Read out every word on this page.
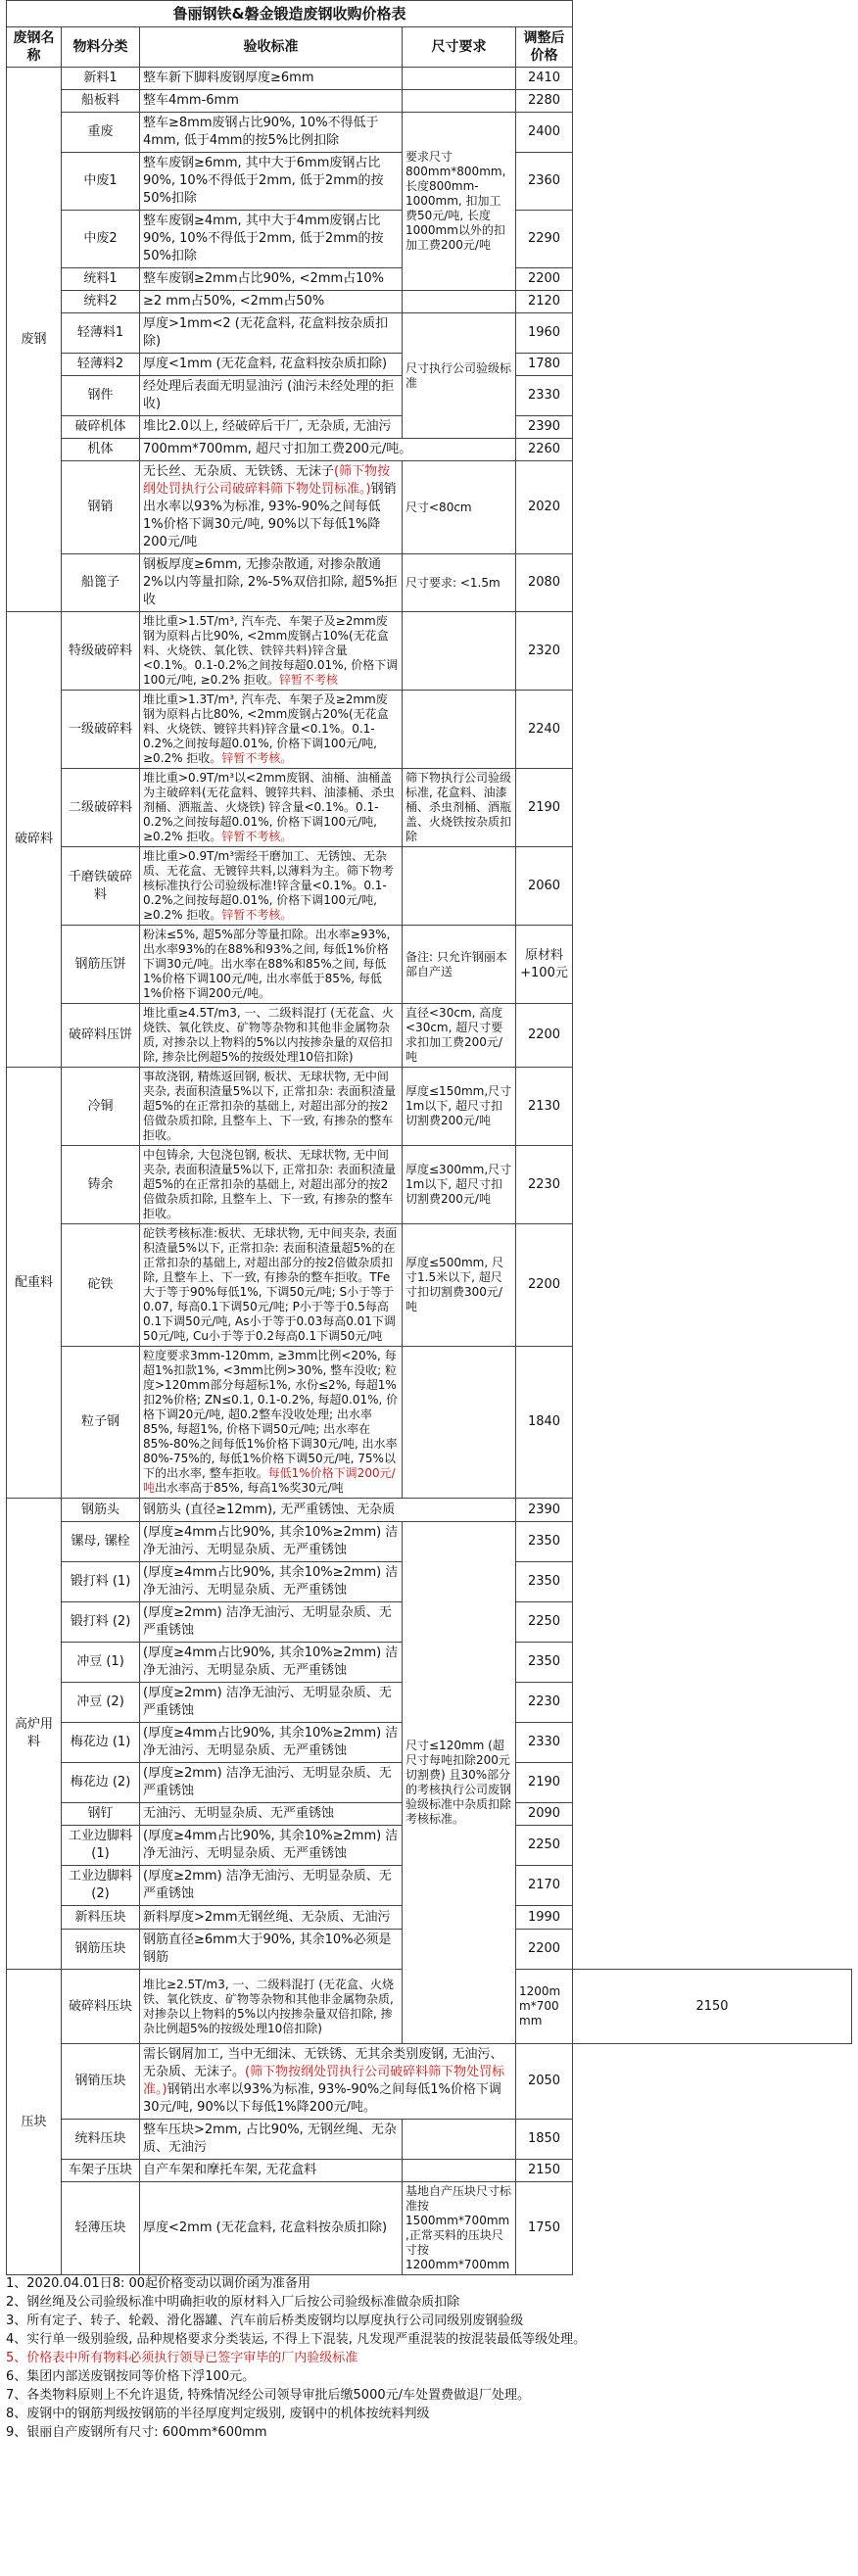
鲁丽钢铁&磐金锻造废钢收购价格表					
废钢名称	物料分类	验收标准	尺寸要求	调整后价格	
废钢	新料1	整车新下脚料废钢厚度≥6mm		2410	
	船板料	整车4mm-6mm		2280	
	重废	整车≥8mm废钢占比90%, 10%不得低于4mm, 低于4mm的按5%比例扣除	要求尺寸800mm*800mm, 长度800mm-1000mm, 扣加工费50元/吨, 长度1000mm以外的扣加工费200元/吨	2400	
	中废1	整车废钢≥6mm, 其中大于6mm废钢占比90%, 10%不得低于2mm, 低于2mm的按50%扣除		2360	
	中废2	整车废钢≥4mm, 其中大于4mm废钢占比90%, 10%不得低于2mm, 低于2mm的按50%扣除		2290	
	统料1	整车废钢≥2mm占比90%, <2mm占10%		2200	
	统料2	≥2 mm占50%, <2mm占50%		2120	
	轻薄料1	厚度>1mm<2 (无花盒料, 花盒料按杂质扣除)	尺寸执行公司验级标准	1960	
	轻薄料2	厚度<1mm (无花盒料, 花盒料按杂质扣除)		1780	
	钢件	经处理后表面无明显油污 (油污未经处理的拒收)		2330	
	破碎机体	堆比2.0以上, 经破碎后干厂, 无杂质, 无油污		2390	
	机体	700mm*700mm, 超尺寸扣加工费200元/吨。		2260	
	钢销	无长丝、无杂质、无铁锈、无沫子(筛下物按纲处罚执行公司破碎料筛下物处罚标准。)钢销出水率以93%为标准, 93%-90%之间每低1%价格下调30元/吨, 90%以下每低1%降200元/吨	尺寸<80cm	2020	
	船篦子	钢板厚度≥6mm, 无掺杂散通, 对掺杂散通2%以内等量扣除, 2%-5%双倍扣除, 超5%拒收	尺寸要求: <1.5m	2080	
破碎料	特级破碎料	堆比重>1.5T/m³, 汽车壳、车架子及≥2mm废钢为原料占比90%, <2mm废钢占10%(无花盒料、火烧铁、氧化铁、铁锌共料)锌含量<0.1%。0.1-0.2%之间按每超0.01%, 价格下调100元/吨, ≥0.2% 拒收。锌暂不考核		2320	
	一级破碎料	堆比重>1.3T/m³, 汽车壳、车架子及≥2mm废钢为原料占比80%, <2mm废钢占20%(无花盒料、火烧铁、镀锌共料)锌含量<0.1%。0.1-0.2%之间按每超0.01%, 价格下调100元/吨, ≥0.2% 拒收。锌暂不考核。		2240	
	二级破碎料	堆比重>0.9T/m³以<2mm废钢、油桶、油桶盖为主破碎料(无花盒料、镀锌共料、油漆桶、杀虫剂桶、洒瓶盖、火烧铁) 锌含量<0.1%。0.1-0.2%之间按每超0.01%, 价格下调100元/吨, ≥0.2% 拒收。锌暂不考核。	筛下物执行公司验级标准, 花盒料、油漆桶、杀虫剂桶、酒瓶盖、火烧铁按杂质扣除	2190	
	千磨铁破碎料	堆比重>0.9T/m³需经干磨加工、无锈蚀、无杂质、无花盒、无镀锌共料,以薄料为主。筛下物考核标准执行公司验级标准!锌含量<0.1%。0.1-0.2%之间按每超0.01%, 价格下调100元/吨, ≥0.2% 拒收。锌暂不考核。		2060	
	钢筋压饼	粉沫≤5%, 超5%部分等量扣除。出水率≥93%, 出水率93%的在88%和93%之间, 每低1%价格下调30元/吨。出水率在88%和85%之间, 每低1%价格下调100元/吨, 出水率低于85%, 每低1%价格下调200元/吨。	备注: 只允许钢丽本部自产送	原材料+100元	
	破碎料压饼	堆比重≥4.5T/m3, 一、二级料混打 (无花盒、火烧铁、氧化铁皮、矿物等杂物和其他非金属物杂质, 对掺杂以上物料的5%以内按掺杂量的双倍扣除, 掺杂比例超5%的按级处理10倍扣除)	直径<30cm, 高度<30cm, 超尺寸要求扣加工费200元/吨	2200	
配重料	冷铜	事故浇钢, 精炼返回钢, 板状、无球状物, 无中间夹杂, 表面积渣量5%以下, 正常扣杂: 表面积渣量超5%的在正常扣杂的基础上, 对超出部分的按2倍做杂质扣除, 且整车上、下一致, 有掺杂的整车拒收。	厚度≤150mm,尺寸1m以下, 超尺寸扣切割费200元/吨	2130	
	铸余	中包铸余, 大包浇包钢, 板状、无球状物, 无中间夹杂, 表面积渣量5%以下, 正常扣杂: 表面积渣量超5%的在正常扣杂的基础上, 对超出部分的按2倍做杂质扣除, 且整车上、下一致, 有掺杂的整车拒收。	厚度≤300mm,尺寸1m以下, 超尺寸扣切割费200元/吨	2230	
	砣铁	砣铁考核标准:板状、无球状物, 无中间夹杂, 表面积渣量5%以下, 正常扣杂: 表面积渣量超5%的在正常扣杂的基础上, 对超出部分的按2倍做杂质扣除, 且整车上、下一致, 有掺杂的整车拒收。TFe大于等于90%每低1%, 下调50元/吨; S小于等于0.07, 每高0.1下调50元/吨; P小于等于0.5每高0.1下调50元/吨, As小于等于0.03每高0.01下调50元/吨, Cu小于等于0.2每高0.1下调50元/吨	厚度≤500mm, 尺寸1.5米以下, 超尺寸扣切割费300元/吨	2200	
	粒子钢	粒度要求3mm-120mm, ≥3mm比例<20%, 每超1%扣款1%, <3mm比例>30%, 整车没收; 粒度>120mm部分每超标1%, 水份≤2%, 每超1%扣2%价格; ZN≤0.1, 0.1-0.2%, 每超0.01%, 价格下调20元/吨, 超0.2整车没收处理; 出水率85%, 每超1%, 价格下调50元/吨; 出水率在85%-80%之间每低1%价格下调30元/吨, 出水率80%-75%的, 每低1%价格下调50元/吨, 75%以下的出水率, 整车拒收。每低1%价格下调200元/吨出水率高于85%, 每高1%奖30元/吨		1840	
高炉用料	钢筋头	钢筋头 (直径≥12mm), 无严重锈蚀、无杂质		2390	
	镙母, 镙栓	(厚度≥4mm占比90%, 其余10%≥2mm) 洁净无油污、无明显杂质、无严重锈蚀	尺寸≤120mm (超尺寸每吨扣除200元切割费) 且30%部分的考核执行公司废钢验级标准中杂质扣除考核标准。	2350	
	锻打料 (1)	(厚度≥4mm占比90%, 其余10%≥2mm) 洁净无油污、无明显杂质、无严重锈蚀		2350	
	锻打料 (2)	(厚度≥2mm) 洁净无油污、无明显杂质、无严重锈蚀		2250	
	冲豆 (1)	(厚度≥4mm占比90%, 其余10%≥2mm) 洁净无油污、无明显杂质、无严重锈蚀		2350	
	冲豆 (2)	(厚度≥2mm) 洁净无油污、无明显杂质、无严重锈蚀		2230	
	梅花边 (1)	(厚度≥4mm占比90%, 其余10%≥2mm) 洁净无油污、无明显杂质、无严重锈蚀		2330	
	梅花边 (2)	(厚度≥2mm) 洁净无油污、无明显杂质、无严重锈蚀		2190	
	钢钉	无油污、无明显杂质、无严重锈蚀		2090	
	工业边脚料 (1)	(厚度≥4mm占比90%, 其余10%≥2mm) 洁净无油污、无明显杂质、无严重锈蚀		2250	
	工业边脚料 (2)	(厚度≥2mm) 洁净无油污、无明显杂质、无严重锈蚀		2170	
	新料压块	新料厚度>2mm无钢丝绳、无杂质、无油污		1990	
	钢筋压块	钢筋直径≥6mm大于90%, 其余10%必须是钢筋		2200	
压块	破碎料压块	堆比≥2.5T/m3, 一、二级料混打 (无花盒、火烧铁、氧化铁皮、矿物等杂物和其他非金属物杂质, 对掺杂以上物料的5%以内按掺杂量双倍扣除, 掺杂比例超5%的按级处理10倍扣除)		1200mm*700mm	2150
	钢销压块	需长钢屑加工, 当中无细沫、无铁锈、无其余类别废钢, 无油污、无杂质、无沫子。(筛下物按纲处罚执行公司破碎料筛下物处罚标准。)钢销出水率以93%为标准, 93%-90%之间每低1%价格下调30元/吨, 90%以下每低1%降200元/吨。		2050	
	统料压块	整车压块>2mm, 占比90%, 无钢丝绳、无杂质、无油污		1850	
	车架子压块	自产车架和摩托车架, 无花盒料		2150	
	轻薄压块	厚度<2mm (无花盒料, 花盒料按杂质扣除)	基地自产压块尺寸标准按1500mm*700mm,正常买料的压块尺寸按1200mm*700mm	1750	
1、2020.04.01日8: 00起价格变动以调价函为准备用
2、钢丝绳及公司验级标准中明确拒收的原材料入厂后按公司验级标准做杂质扣除
3、所有定子、转子、轮毂、滑化器罐、汽车前后桥类废钢均以厚度执行公司同级别废钢验级
4、实行单一级别验级, 品种规格要求分类装运, 不得上下混装, 凡发现严重混装的按混装最低等级处理。
5、价格表中所有物料必须执行领导已签字审毕的厂内验级标准
6、集团内部送废钢按同等价格下浮100元。
7、各类物料原则上不允许退货, 特殊情况经公司领导审批后缴5000元/车处置费做退厂处理。
8、废钢中的钢筋判级按钢筋的半径厚度判定级别, 废钢中的机体按统料判级
9、银丽自产废钢所有尺寸: 600mm*600mm
